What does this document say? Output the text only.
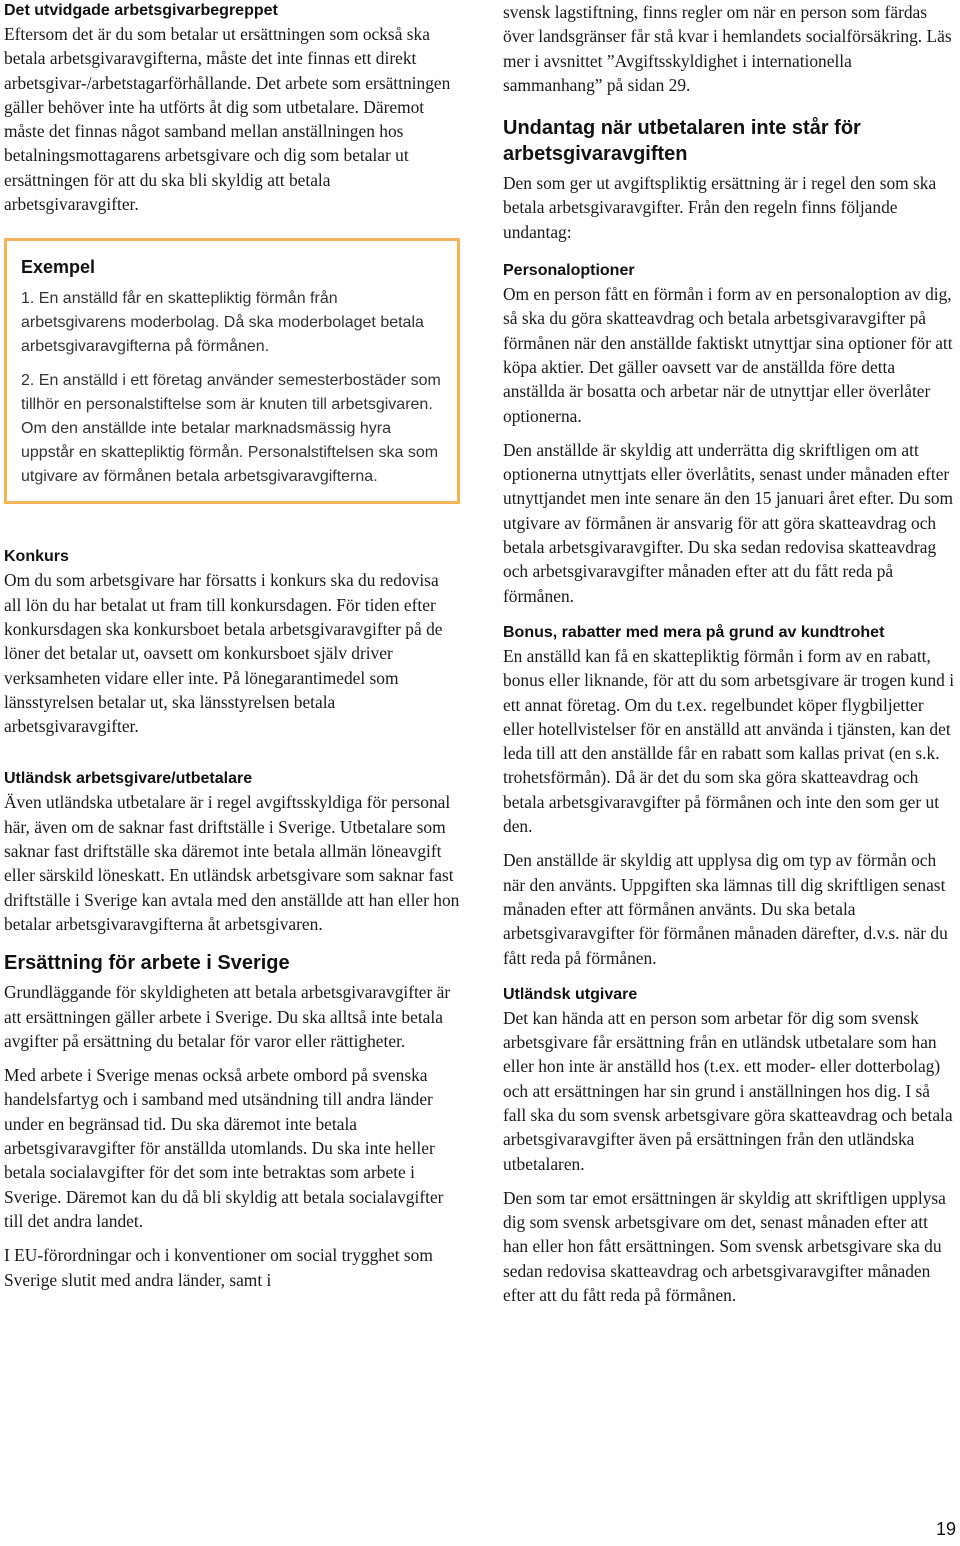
Det utvidgade arbetsgivarbegreppet

Eftersom det är du som betalar ut ersättningen som också ska betala arbetsgivaravgifterna, måste det inte finnas ett direkt arbetsgivar-/arbetstagarförhållande. Det arbete som ersättningen gäller behöver inte ha utförts åt dig som utbetalare. Däremot måste det finnas något samband mellan anställningen hos betalningsmottagarens arbetsgivare och dig som betalar ut ersättningen för att du ska bli skyldig att betala arbetsgivaravgifter.

Exempel

1. En anställd får en skattepliktig förmån från arbetsgivarens moderbolag. Då ska moderbolaget betala arbetsgivaravgifterna på förmånen.

2. En anställd i ett företag använder semesterbostäder som tillhör en personalstiftelse som är knuten till arbetsgivaren. Om den anställde inte betalar marknadsmässig hyra uppstår en skattepliktig förmån. Personalstiftelsen ska som utgivare av förmånen betala arbetsgivaravgifterna.

Konkurs

Om du som arbetsgivare har försatts i konkurs ska du redovisa all lön du har betalat ut fram till konkursdagen. För tiden efter konkursdagen ska konkursboet betala arbetsgivaravgifter på de löner det betalar ut, oavsett om konkursboet själv driver verksamheten vidare eller inte. På lönegarantimedel som länsstyrelsen betalar ut, ska länsstyrelsen betala arbetsgivaravgifter.

Utländsk arbetsgivare/utbetalare

Även utländska utbetalare är i regel avgiftsskyldiga för personal här, även om de saknar fast driftställe i Sverige. Utbetalare som saknar fast driftställe ska däremot inte betala allmän löneavgift eller särskild löneskatt. En utländsk arbetsgivare som saknar fast driftställe i Sverige kan avtala med den anställde att han eller hon betalar arbetsgivaravgifterna åt arbetsgivaren.

Ersättning för arbete i Sverige

Grundläggande för skyldigheten att betala arbetsgivaravgifter är att ersättningen gäller arbete i Sverige. Du ska alltså inte betala avgifter på ersättning du betalar för varor eller rättigheter.

Med arbete i Sverige menas också arbete ombord på svenska handelsfartyg och i samband med utsändning till andra länder under en begränsad tid. Du ska däremot inte betala arbetsgivaravgifter för anställda utomlands. Du ska inte heller betala socialavgifter för det som inte betraktas som arbete i Sverige. Däremot kan du då bli skyldig att betala socialavgifter till det andra landet.

I EU-förordningar och i konventioner om social trygghet som Sverige slutit med andra länder, samt i

svensk lagstiftning, finns regler om när en person som färdas över landsgränser får stå kvar i hemlandets socialförsäkring. Läs mer i avsnittet ”Avgiftsskyldighet i internationella sammanhang” på sidan 29.

Undantag när utbetalaren inte står för arbetsgivaravgiften

Den som ger ut avgiftspliktig ersättning är i regel den som ska betala arbetsgivaravgifter. Från den regeln finns följande undantag:

Personaloptioner

Om en person fått en förmån i form av en personaloption av dig, så ska du göra skatteavdrag och betala arbetsgivaravgifter på förmånen när den anställde faktiskt utnyttjar sina optioner för att köpa aktier. Det gäller oavsett var de anställda före detta anställda är bosatta och arbetar när de utnyttjar eller överlåter optionerna.

Den anställde är skyldig att underrätta dig skriftligen om att optionerna utnyttjats eller överlåtits, senast under månaden efter utnyttjandet men inte senare än den 15 januari året efter. Du som utgivare av förmånen är ansvarig för att göra skatteavdrag och betala arbetsgivaravgifter. Du ska sedan redovisa skatteavdrag och arbetsgivaravgifter månaden efter att du fått reda på förmånen.

Bonus, rabatter med mera på grund av kundtrohet

En anställd kan få en skattepliktig förmån i form av en rabatt, bonus eller liknande, för att du som arbetsgivare är trogen kund i ett annat företag. Om du t.ex. regelbundet köper flygbiljetter eller hotellvistelser för en anställd att använda i tjänsten, kan det leda till att den anställde får en rabatt som kallas privat (en s.k. trohetsförmån). Då är det du som ska göra skatteavdrag och betala arbetsgivaravgifter på förmånen och inte den som ger ut den.

Den anställde är skyldig att upplysa dig om typ av förmån och när den använts. Uppgiften ska lämnas till dig skriftligen senast månaden efter att förmånen använts. Du ska betala arbetsgivaravgifter för förmånen månaden därefter, d.v.s. när du fått reda på förmånen.

Utländsk utgivare

Det kan hända att en person som arbetar för dig som svensk arbetsgivare får ersättning från en utländsk utbetalare som han eller hon inte är anställd hos (t.ex. ett moder- eller dotterbolag) och att ersättningen har sin grund i anställningen hos dig. I så fall ska du som svensk arbetsgivare göra skatteavdrag och betala arbetsgivaravgifter även på ersättningen från den utländska utbetalaren.

Den som tar emot ersättningen är skyldig att skriftligen upplysa dig som svensk arbetsgivare om det, senast månaden efter att han eller hon fått ersättningen. Som svensk arbetsgivare ska du sedan redovisa skatteavdrag och arbetsgivaravgifter månaden efter att du fått reda på förmånen.

19
